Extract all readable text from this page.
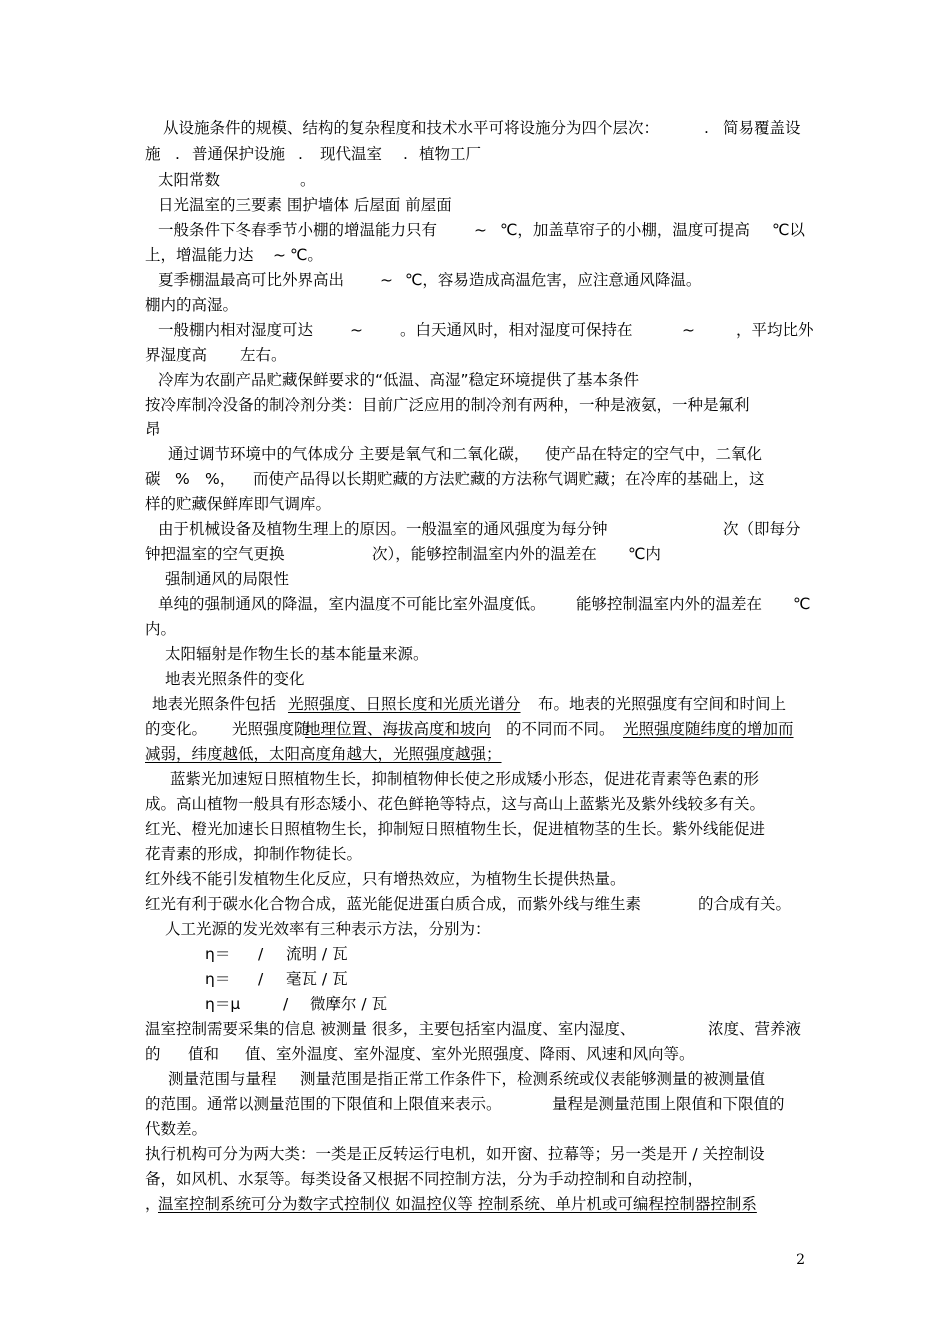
从设施条件的规模、结构的复杂程度和技术水平可将设施分为四个层次：	. 简易覆盖设
施 . 普通保护设施 . 现代温室 . 植物工厂
太阳常数	。
日光温室的三要素 围护墙体 后屋面 前屋面
一般条件下冬春季节小棚的增温能力只有 ~ ℃，加盖草帘子的小棚，温度可提高 ℃以
上，增温能力达 ~ ℃。
夏季棚温最高可比外界高出 ~ ℃，容易造成高温危害，应注意通风降温。
棚内的高湿。
一般棚内相对湿度可达 ~ 。白天通风时，相对湿度可保持在	~	，平均比外
界湿度高 左右。
冷库为农副产品贮藏保鲜要求的“低温、高湿”稳定环境提供了基本条件
按冷库制冷没备的制冷剂分类：目前广泛应用的制冷剂有两种，一种是液氨，一种是氟利
昂
通过调节环境中的气体成分 主要是氧气和二氧化碳， 使产品在特定的空气中，二氧化
碳 % %， 而使产品得以长期贮藏的方法贮藏的方法称气调贮藏；在冷库的基础上，这
样的贮藏保鲜库即气调库。
由于机械设备及植物生理上的原因。一般温室的通风强度为每分钟	次（即每分
钟把温室的空气更换	次），能够控制温室内外的温差在 ℃内
强制通风的局限性
单纯的强制通风的降温，室内温度不可能比室外温度低。 能够控制温室内外的温差在 ℃
内。
太阳辐射是作物生长的基本能量来源。
地表光照条件的变化
地表光照条件包括 光照强度、日照长度和光质光谱分 布。地表的光照强度有空间和时间上
的变化。 光照强度随
地理位置、海拔高度和坡向 的不同而不同。 光照强度随纬度的增加而
减弱，纬度越低，太阳高度角越大，光照强度越强；
蓝紫光加速短日照植物生长，抑制植物伸长使之形成矮小形态，促进花青素等色素的形
成。高山植物一般具有形态矮小、花色鲜艳等特点，这与高山上蓝紫光及紫外线较多有关。
红光、橙光加速长日照植物生长，抑制短日照植物生长，促进植物茎的生长。紫外线能促进
花青素的形成，抑制作物徒长。
红外线不能引发植物生化反应，只有增热效应，为植物生长提供热量。
红光有利于碳水化合物合成，蓝光能促进蛋白质合成，而紫外线与维生素	的合成有关。
人工光源的发光效率有三种表示方法，分别为：
η＝ / 流明 / 瓦
η＝ / 毫瓦 / 瓦
η＝μ	/ 微摩尔 / 瓦
温室控制需要采集的信息 被测量 很多，主要包括室内温度、室内湿度、	浓度、营养液
的 值和 值、室外温度、室外湿度、室外光照强度、降雨、风速和风向等。
测量范围与量程 测量范围是指正常工作条件下，检测系统或仪表能够测量的被测量值
的范围。通常以测量范围的下限值和上限值来表示。	量程是测量范围上限值和下限值的
代数差。
执行机构可分为两大类：一类是正反转运行电机，如开窗、拉幕等；另一类是开 / 关控制设
备，如风机、水泵等。每类设备又根据不同控制方法，分为手动控制和自动控制，
，
温室控制系统可分为数字式控制仪 如温控仪等 控制系统、单片机或可编程控制器控制系
2
